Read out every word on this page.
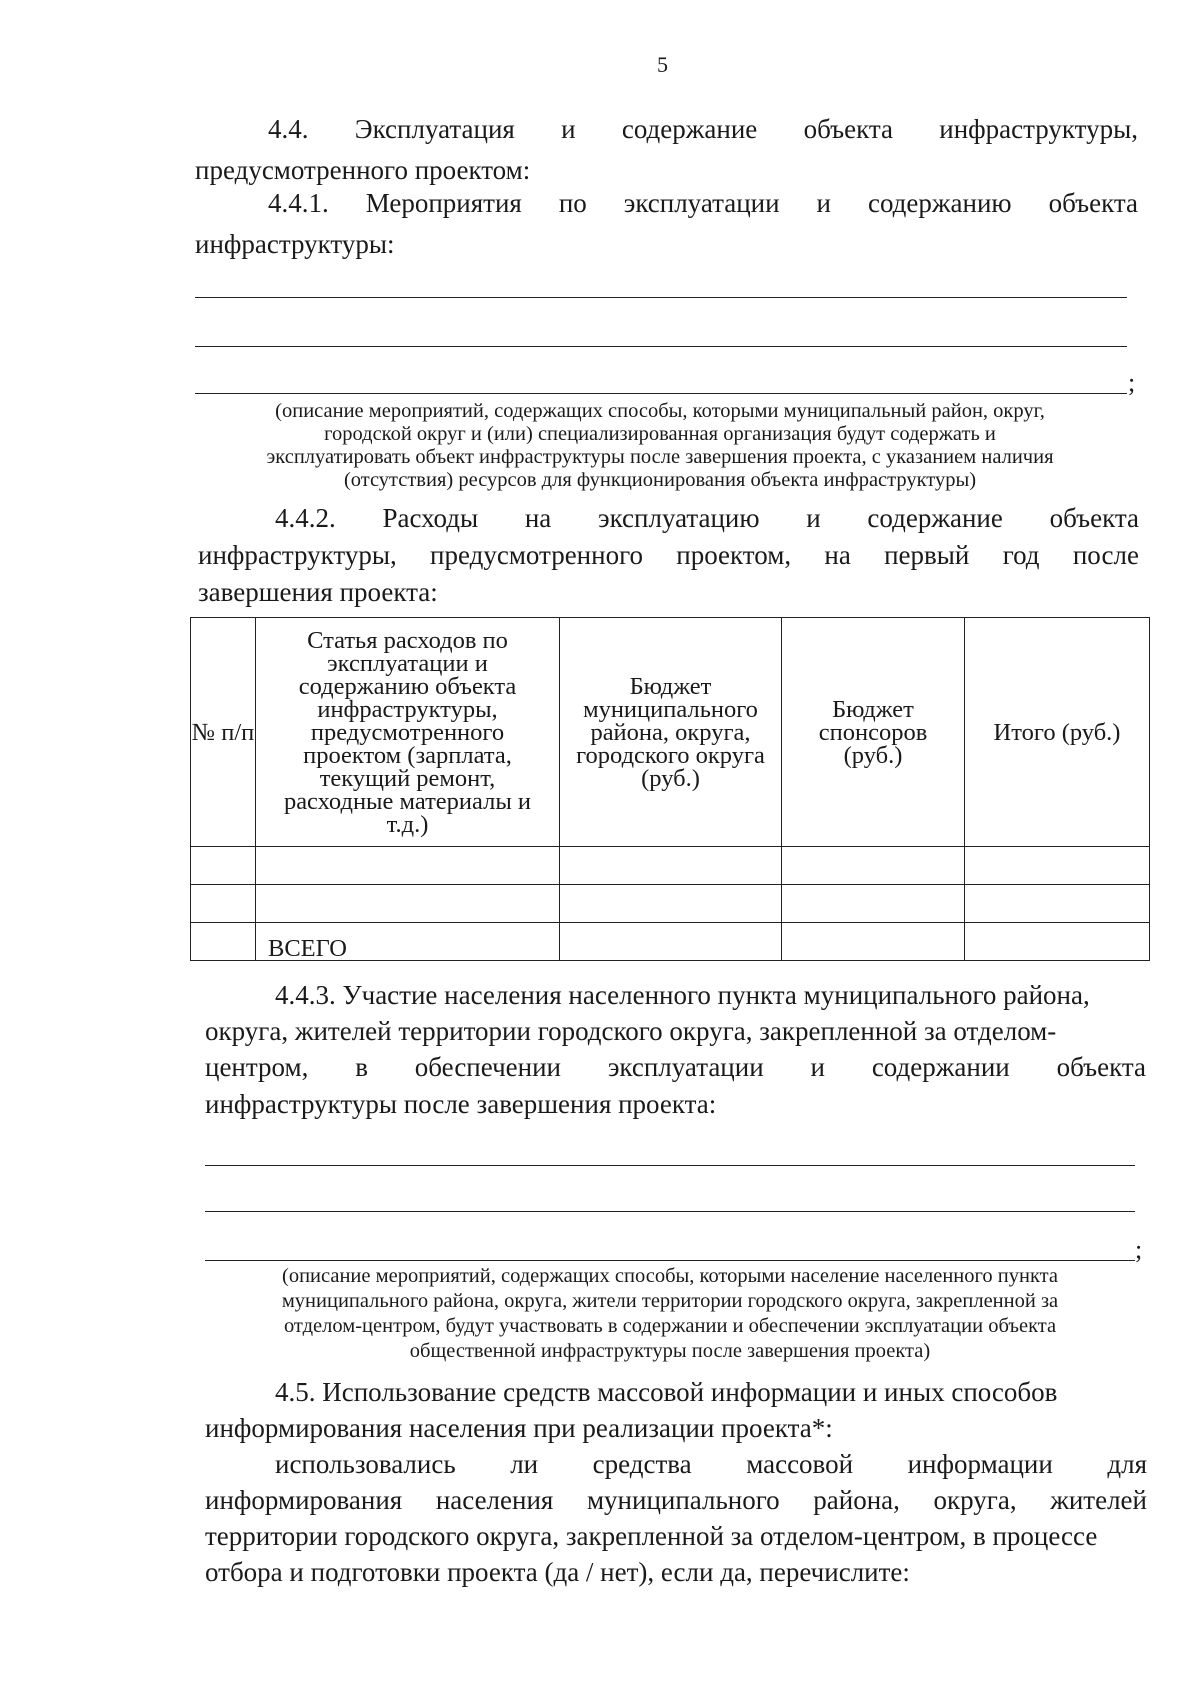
5
4.4. Эксплуатация и содержание объекта инфраструктуры,
предусмотренного проектом:
4.4.1. Мероприятия по эксплуатации и содержанию объекта
инфраструктуры:
;
(описание мероприятий, содержащих способы, которыми муниципальный район, округ,
городской округ и (или) специализированная организация будут содержать и
эксплуатировать объект инфраструктуры после завершения проекта, с указанием наличия
(отсутствия) ресурсов для функционирования объекта инфраструктуры)
4.4.2. Расходы на эксплуатацию и содержание объекта
инфраструктуры, предусмотренного проектом, на первый год после
завершения проекта:
№ п/п	Статья расходов по эксплуатации и содержанию объекта инфраструктуры, предусмотренного проектом (зарплата, текущий ремонт, расходные материалы и т.д.)	Бюджет муниципального района, округа, городского округа (руб.)	Бюджет спонсоров (руб.)	Итого (руб.)

	ВСЕГО			
4.4.3. Участие населения населенного пункта муниципального района,
округа, жителей территории городского округа, закрепленной за отделом-
центром, в обеспечении эксплуатации и содержании объекта
инфраструктуры после завершения проекта:
;
(описание мероприятий, содержащих способы, которыми население населенного пункта
муниципального района, округа, жители территории городского округа, закрепленной за
отделом-центром, будут участвовать в содержании и обеспечении эксплуатации объекта
общественной инфраструктуры после завершения проекта)
4.5. Использование средств массовой информации и иных способов
информирования населения при реализации проекта*:
использовались ли средства массовой информации для
информирования населения муниципального района, округа, жителей
территории городского округа, закрепленной за отделом-центром, в процессе
отбора и подготовки проекта (да / нет), если да, перечислите:
